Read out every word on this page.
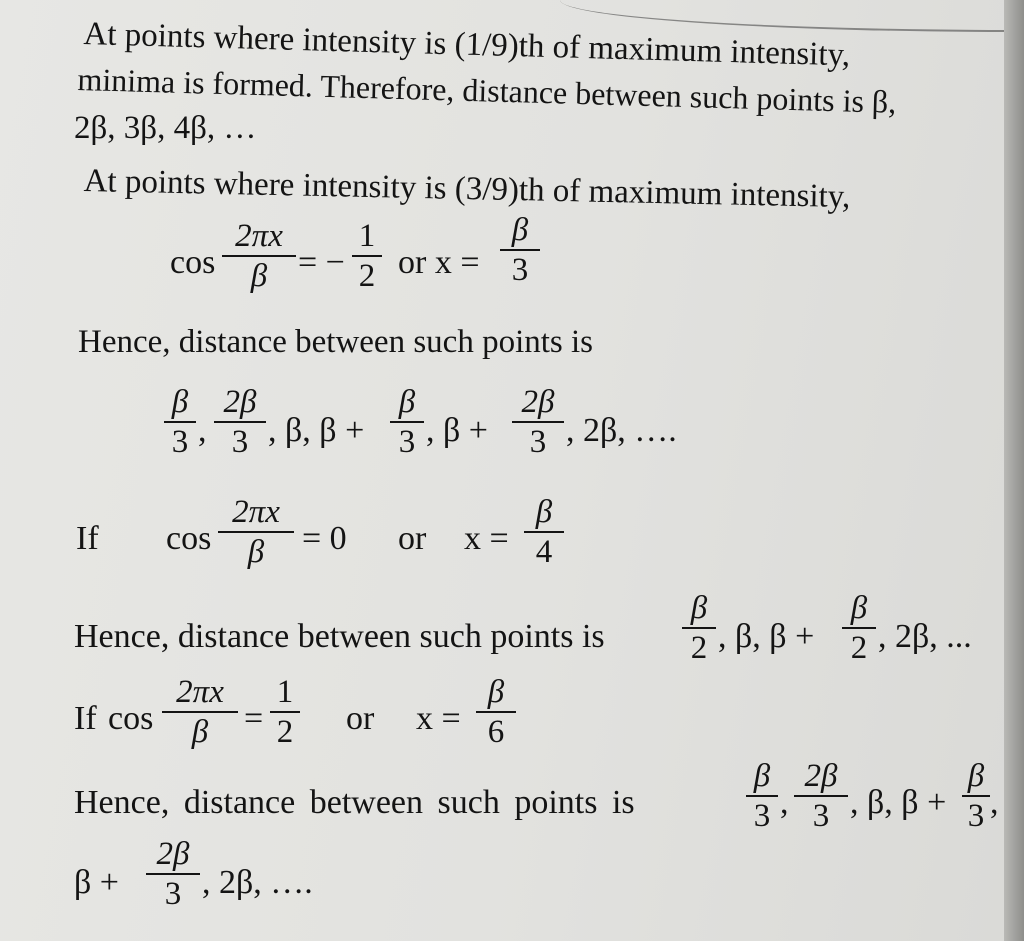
At points where intensity is (1/9)th of maximum intensity,
minima is formed. Therefore, distance between such points is β,
2β, 3β, 4β, …
At points where intensity is (3/9)th of maximum intensity,
cos
2πx
β = −
1
2 or x =
β
3
Hence, distance between such points is
β
3 ,
2β
3 , β, β +
β
3 , β +
2β
3 , 2β, ….
If cos
2πx
β = 0 or x =
β
4
Hence, distance between such points is
β
2 , β, β +
β
2 , 2β, ...
If cos
2πx
β =
1
2 or x =
β
6
Hence, distance between such points is
β
3 ,
2β
3 , β, β +
β
3 ,
β +
2β
3 , 2β, ….
